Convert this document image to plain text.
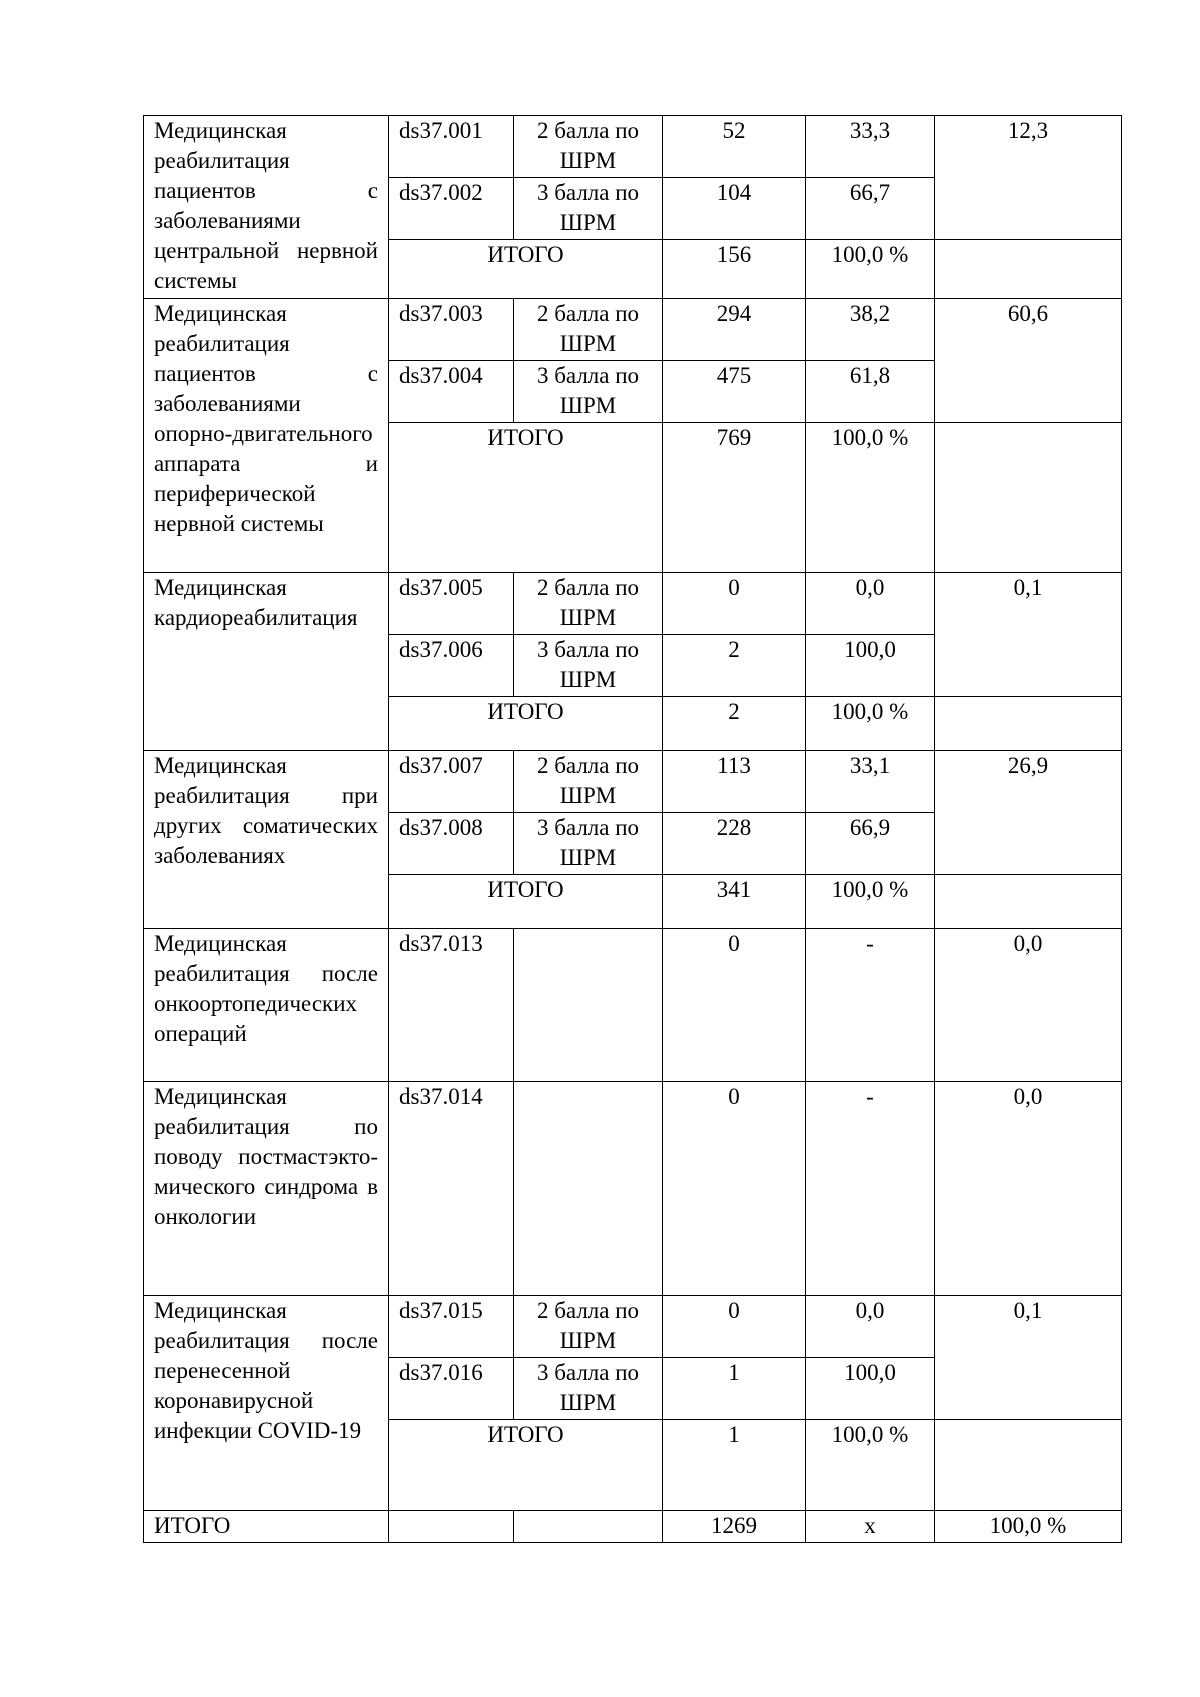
Медицинская реабилитация пациентов с заболеваниями центральной нервной системы	ds37.001	2 балла по ШРМ	52	33,3	12,3
	ds37.002	3 балла по ШРМ	104	66,7	
	ИТОГО		156	100,0 %	
Медицинская реабилитация пациентов с заболеваниями опорно-двигательного аппарата и периферической нервной системы	ds37.003	2 балла по ШРМ	294	38,2	60,6
	ds37.004	3 балла по ШРМ	475	61,8	
	ИТОГО		769	100,0 %	
Медицинская кардиореабилитация	ds37.005	2 балла по ШРМ	0	0,0	0,1
	ds37.006	3 балла по ШРМ	2	100,0	
	ИТОГО		2	100,0 %	
Медицинская реабилитация при других соматических заболеваниях	ds37.007	2 балла по ШРМ	113	33,1	26,9
	ds37.008	3 балла по ШРМ	228	66,9	
	ИТОГО		341	100,0 %	
Медицинская реабилитация после онкоортопедических операций	ds37.013		0	-	0,0
Медицинская реабилитация по поводу постмастэкто-мического синдрома в онкологии	ds37.014		0	-	0,0
Медицинская реабилитация после перенесенной коронавирусной инфекции COVID-19	ds37.015	2 балла по ШРМ	0	0,0	0,1
	ds37.016	3 балла по ШРМ	1	100,0	
	ИТОГО		1	100,0 %	
ИТОГО			1269	x	100,0 %
